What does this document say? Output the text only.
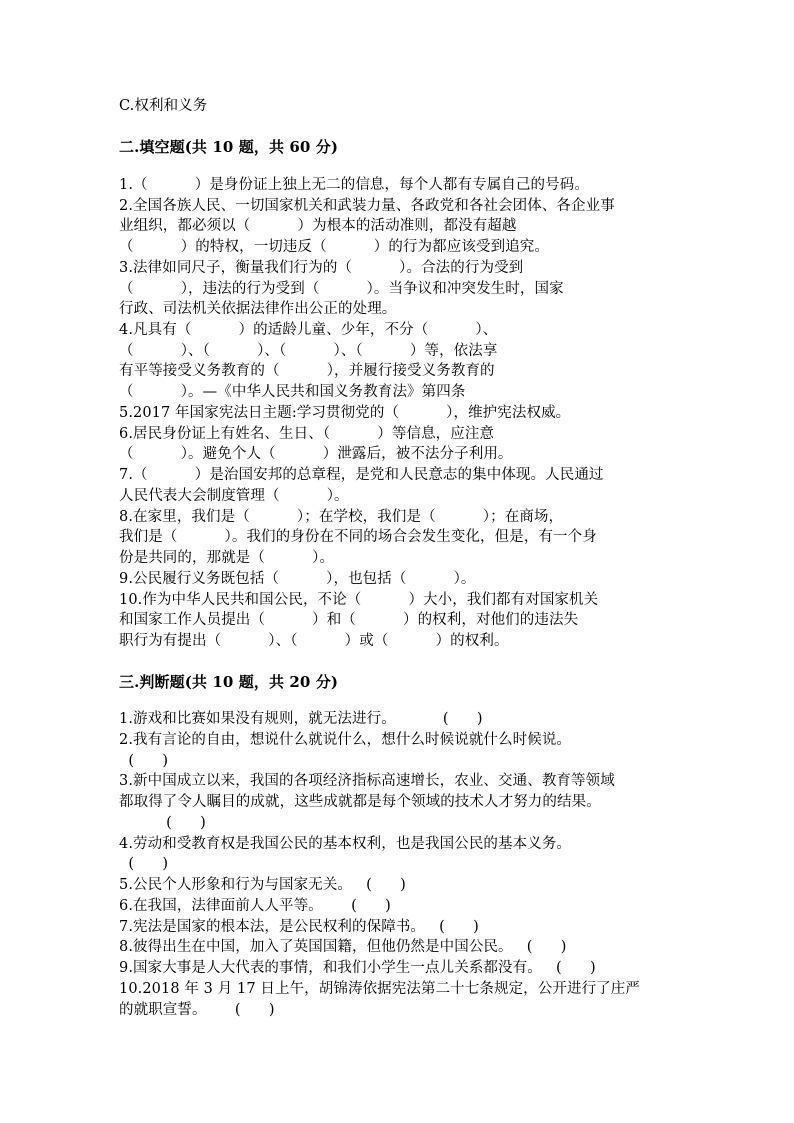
C.权利和义务
二.填空题(共 10 题，共 60 分)
1.（          ）是身份证上独上无二的信息，每个人都有专属自己的号码。
2.全国各族人民、一切国家机关和武装力量、各政党和各社会团体、各企业事
业组织，都必须以（          ）为根本的活动准则，都没有超越
（          ）的特权，一切违反（          ）的行为都应该受到追究。
3.法律如同尺子，衡量我们行为的（          ）。合法的行为受到
（          ），违法的行为受到（          ）。当争议和冲突发生时，国家
行政、司法机关依据法律作出公正的处理。
4.凡具有（          ）的适龄儿童、少年，不分（          ）、
（          ）、（          ）、（          ）、（          ）等，依法享
有平等接受义务教育的（          ），并履行接受义务教育的
（          ）。—《中华人民共和国义务教育法》第四条
5.2017 年国家宪法日主题:学习贯彻党的（          ），维护宪法权威。
6.居民身份证上有姓名、生日、（          ）等信息，应注意
（          ）。避免个人（          ）泄露后，被不法分子利用。
7.（          ）是治国安邦的总章程，是党和人民意志的集中体现。人民通过
人民代表大会制度管理（          ）。
8.在家里，我们是（          ）；在学校，我们是（          ）；在商场，
我们是（          ）。我们的身份在不同的场合会发生变化，但是，有一个身
份是共同的，那就是（          ）。
9.公民履行义务既包括（          ），也包括（          ）。
10.作为中华人民共和国公民，不论（          ）大小，我们都有对国家机关
和国家工作人员提出（          ）和（          ）的权利，对他们的违法失
职行为有提出（          ）、（          ）或（          ）的权利。
三.判断题(共 10 题，共 20 分)
1.游戏和比赛如果没有规则，就无法进行。          (      )
2.我有言论的自由，想说什么就说什么，想什么时候说就什么时候说。
(      )
3.新中国成立以来，我国的各项经济指标高速增长，农业、交通、教育等领域
都取得了令人瞩目的成就，这些成就都是每个领域的技术人才努力的结果。
(      )
4.劳动和受教育权是我国公民的基本权利，也是我国公民的基本义务。
(      )
5.公民个人形象和行为与国家无关。   (      )
6.在我国，法律面前人人平等。      (      )
7.宪法是国家的根本法，是公民权利的保障书。   (      )
8.彼得出生在中国，加入了英国国籍，但他仍然是中国公民。   (      )
9.国家大事是人大代表的事情，和我们小学生一点儿关系都没有。   (      )
10.2018 年 3 月 17 日上午，胡锦涛依据宪法第二十七条规定，公开进行了庄严
的就职宣誓。      (      )
